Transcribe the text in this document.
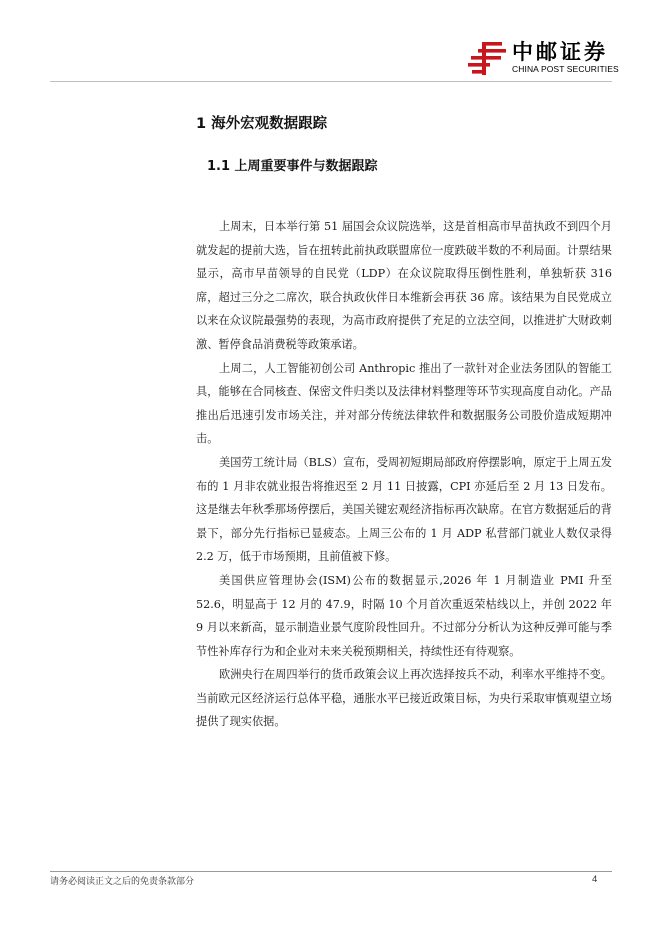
中邮证券
CHINA POST SECURITIES
1 海外宏观数据跟踪
1.1 上周重要事件与数据跟踪

上周末，日本举行第 51 届国会众议院选举，这是首相高市早苗执政不到四个月就发起的提前大选，旨在扭转此前执政联盟席位一度跌破半数的不利局面。计票结果显示，高市早苗领导的自民党（LDP）在众议院取得压倒性胜利，单独斩获 316 席，超过三分之二席次，联合执政伙伴日本维新会再获 36 席。该结果为自民党成立以来在众议院最强势的表现，为高市政府提供了充足的立法空间，以推进扩大财政刺激、暂停食品消费税等政策承诺。

上周二，人工智能初创公司 Anthropic 推出了一款针对企业法务团队的智能工具，能够在合同核查、保密文件归类以及法律材料整理等环节实现高度自动化。产品推出后迅速引发市场关注，并对部分传统法律软件和数据服务公司股价造成短期冲击。

美国劳工统计局（BLS）宣布，受周初短期局部政府停摆影响，原定于上周五发布的 1 月非农就业报告将推迟至 2 月 11 日披露，CPI 亦延后至 2 月 13 日发布。这是继去年秋季那场停摆后，美国关键宏观经济指标再次缺席。在官方数据延后的背景下，部分先行指标已显疲态。上周三公布的 1 月 ADP 私营部门就业人数仅录得 2.2 万，低于市场预期，且前值被下修。

美国供应管理协会(ISM)公布的数据显示,2026 年 1 月制造业 PMI 升至 52.6，明显高于 12 月的 47.9，时隔 10 个月首次重返荣枯线以上，并创 2022 年 9 月以来新高，显示制造业景气度阶段性回升。不过部分分析认为这种反弹可能与季节性补库存行为和企业对未来关税预期相关，持续性还有待观察。

欧洲央行在周四举行的货币政策会议上再次选择按兵不动，利率水平维持不变。当前欧元区经济运行总体平稳，通胀水平已接近政策目标，为央行采取审慎观望立场提供了现实依据。

请务必阅读正文之后的免责条款部分	4
